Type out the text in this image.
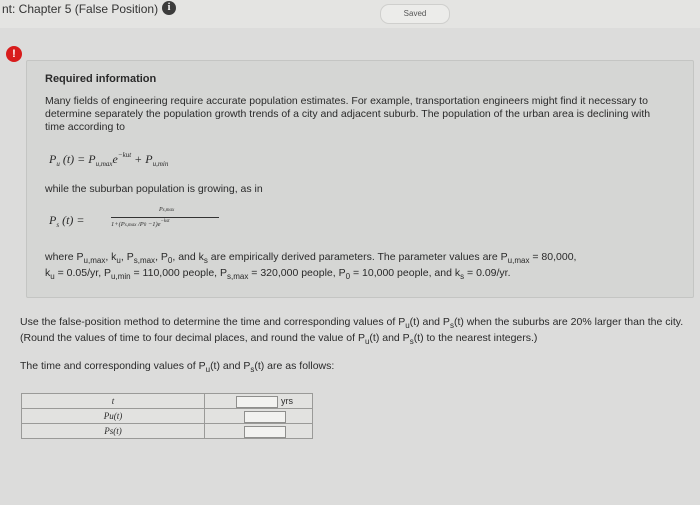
nt: Chapter 5 (False Position) i
Saved
!
Required information
Many fields of engineering require accurate population estimates. For example, transportation engineers might find it necessary to determine separately the population growth trends of a city and adjacent suburb. The population of the urban area is declining with time according to
$P_u$ $(t) = P_{u,max}e^{-kut} + P_{u,min}$
while the suburban population is growing, as in
$P_s$ (t) =
Ps,max
1+(Ps,max $/P0 -1)e^{-kst}$
where $P_{u,max}$, $k_u$, $P_{s,max}$, $P_0$, and $k_s$ are empirically derived parameters. The parameter values are $P_{u,max} = 80,000$,
$k_u = 0.05/yr$, $P_{u,min} = 110,000$ people, $P_{s,max} = 320,000$ people, $P_0 = 10,000$ people, and $k_s = 0.09/yr$.
Use the false-position method to determine the time and corresponding values of $P_u(t)$ and $P_s(t)$ when the suburbs are 20% larger than the city. (Round the values of time to four decimal places, and round the value of $P_u(t)$ and $P_s(t)$ to the nearest integers.)
The time and corresponding values of $P_u(t)$ and $P_s(t)$ are as follows:
t	yrs
Pu(t)	
Ps(t)	
